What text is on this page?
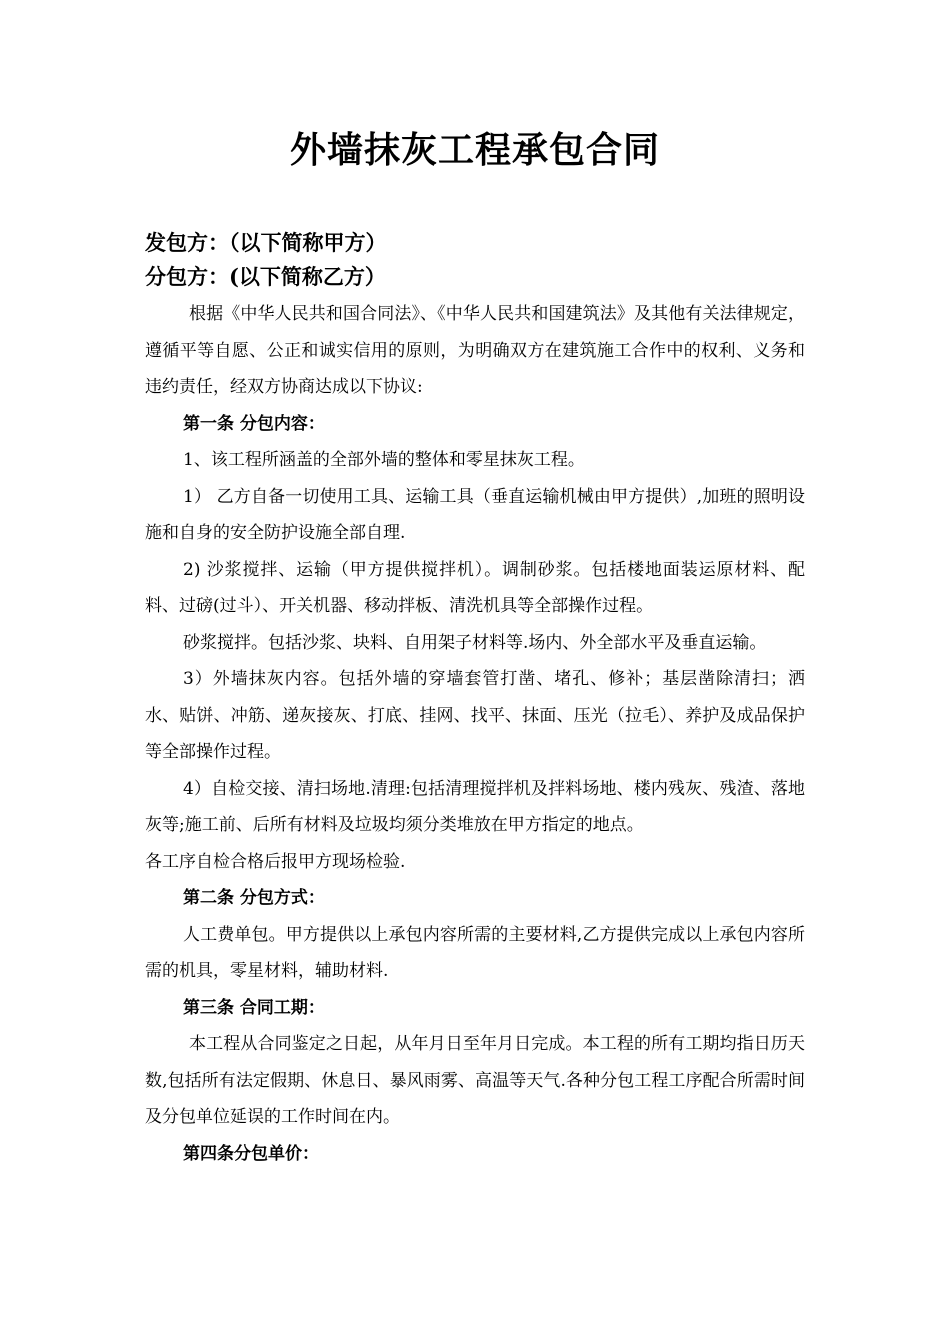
外墙抹灰工程承包合同
发包方：（以下简称甲方）
分包方：(以下简称乙方）

根据《中华人民共和国合同法》、《中华人民共和国建筑法》及其他有关法律规定，遵循平等自愿、公正和诚实信用的原则，为明确双方在建筑施工合作中的权利、义务和违约责任，经双方协商达成以下协议:

第一条 分包内容：

1、该工程所涵盖的全部外墙的整体和零星抹灰工程。

1） 乙方自备一切使用工具、运输工具（垂直运输机械由甲方提供）,加班的照明设施和自身的安全防护设施全部自理.

2) 沙浆搅拌、运输（甲方提供搅拌机）。调制砂浆。包括楼地面装运原材料、配料、过磅(过斗）、开关机器、移动拌板、清洗机具等全部操作过程。

砂浆搅拌。包括沙浆、块料、自用架子材料等.场内、外全部水平及垂直运输。

3）外墙抹灰内容。包括外墙的穿墙套管打凿、堵孔、修补；基层凿除清扫；洒水、贴饼、冲筋、递灰接灰、打底、挂网、找平、抹面、压光（拉毛）、养护及成品保护等全部操作过程。

4）自检交接、清扫场地.清理:包括清理搅拌机及拌料场地、楼内残灰、残渣、落地灰等;施工前、后所有材料及垃圾均须分类堆放在甲方指定的地点。

各工序自检合格后报甲方现场检验.

第二条 分包方式：

人工费单包。甲方提供以上承包内容所需的主要材料,乙方提供完成以上承包内容所需的机具，零星材料，辅助材料.

第三条 合同工期：

本工程从合同鉴定之日起，从年月日至年月日完成。本工程的所有工期均指日历天数,包括所有法定假期、休息日、暴风雨雾、高温等天气.各种分包工程工序配合所需时间及分包单位延误的工作时间在内。

第四条分包单价：
